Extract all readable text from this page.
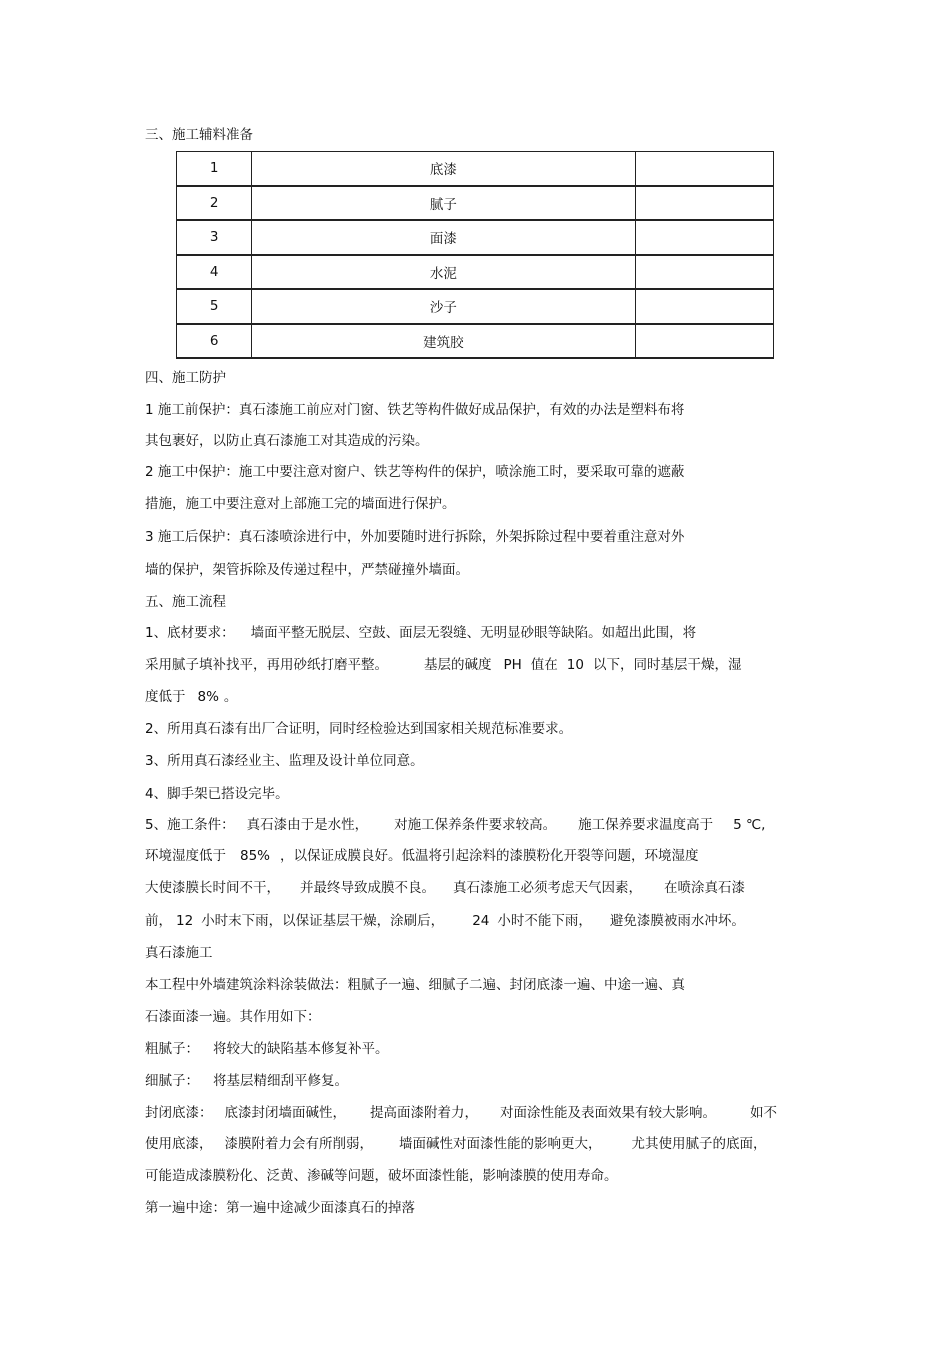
三、施工辅料准备
1	底漆	
2	腻子	
3	面漆	
4	水泥	
5	沙子	
6	建筑胶	
四、施工防护
1 施工前保护：真石漆施工前应对门窗、铁艺等构件做好成品保护，有效的办法是塑料布将
其包裹好，以防止真石漆施工对其造成的污染。
2 施工中保护：施工中要注意对窗户、铁艺等构件的保护，喷涂施工时，要采取可靠的遮蔽
措施，施工中要注意对上部施工完的墙面进行保护。
3 施工后保护：真石漆喷涂进行中，外加要随时进行拆除，外架拆除过程中要着重注意对外
墙的保护，架管拆除及传递过程中，严禁碰撞外墙面。
五、施工流程
1、底材要求： 墙面平整无脱层、空鼓、面层无裂缝、无明显砂眼等缺陷。如超出此围，将
采用腻子填补找平，再用砂纸打磨平整。	基层的碱度 PH 值在 10 以下，同时基层干燥，湿
度低于 8% 。
2、所用真石漆有出厂合证明，同时经检验达到国家相关规范标准要求。
3、所用真石漆经业主、监理及设计单位同意。
4、脚手架已搭设完毕。
5、施工条件： 真石漆由于是水性， 对施工保养条件要求较高。 施工保养要求温度高于 5 ℃,
环境湿度低于 85% ，以保证成膜良好。低温将引起涂料的漆膜粉化开裂等问题，环境湿度
大使漆膜长时间不干， 并最终导致成膜不良。 真石漆施工必须考虑天气因素， 在喷涂真石漆
前， 12 小时末下雨，以保证基层干燥，涂刷后， 24 小时不能下雨， 避免漆膜被雨水冲坏。
真石漆施工
本工程中外墙建筑涂料涂装做法：粗腻子一遍、细腻子二遍、封闭底漆一遍、中途一遍、真
石漆面漆一遍。其作用如下：
粗腻子： 将较大的缺陷基本修复补平。
细腻子： 将基层精细刮平修复。
封闭底漆： 底漆封闭墙面碱性， 提高面漆附着力， 对面涂性能及表面效果有较大影响。	如不
使用底漆， 漆膜附着力会有所削弱， 墙面碱性对面漆性能的影响更大， 尤其使用腻子的底面，
可能造成漆膜粉化、泛黄、渗碱等问题，破坏面漆性能，影响漆膜的使用寿命。
第一遍中途：第一遍中途减少面漆真石的掉落
